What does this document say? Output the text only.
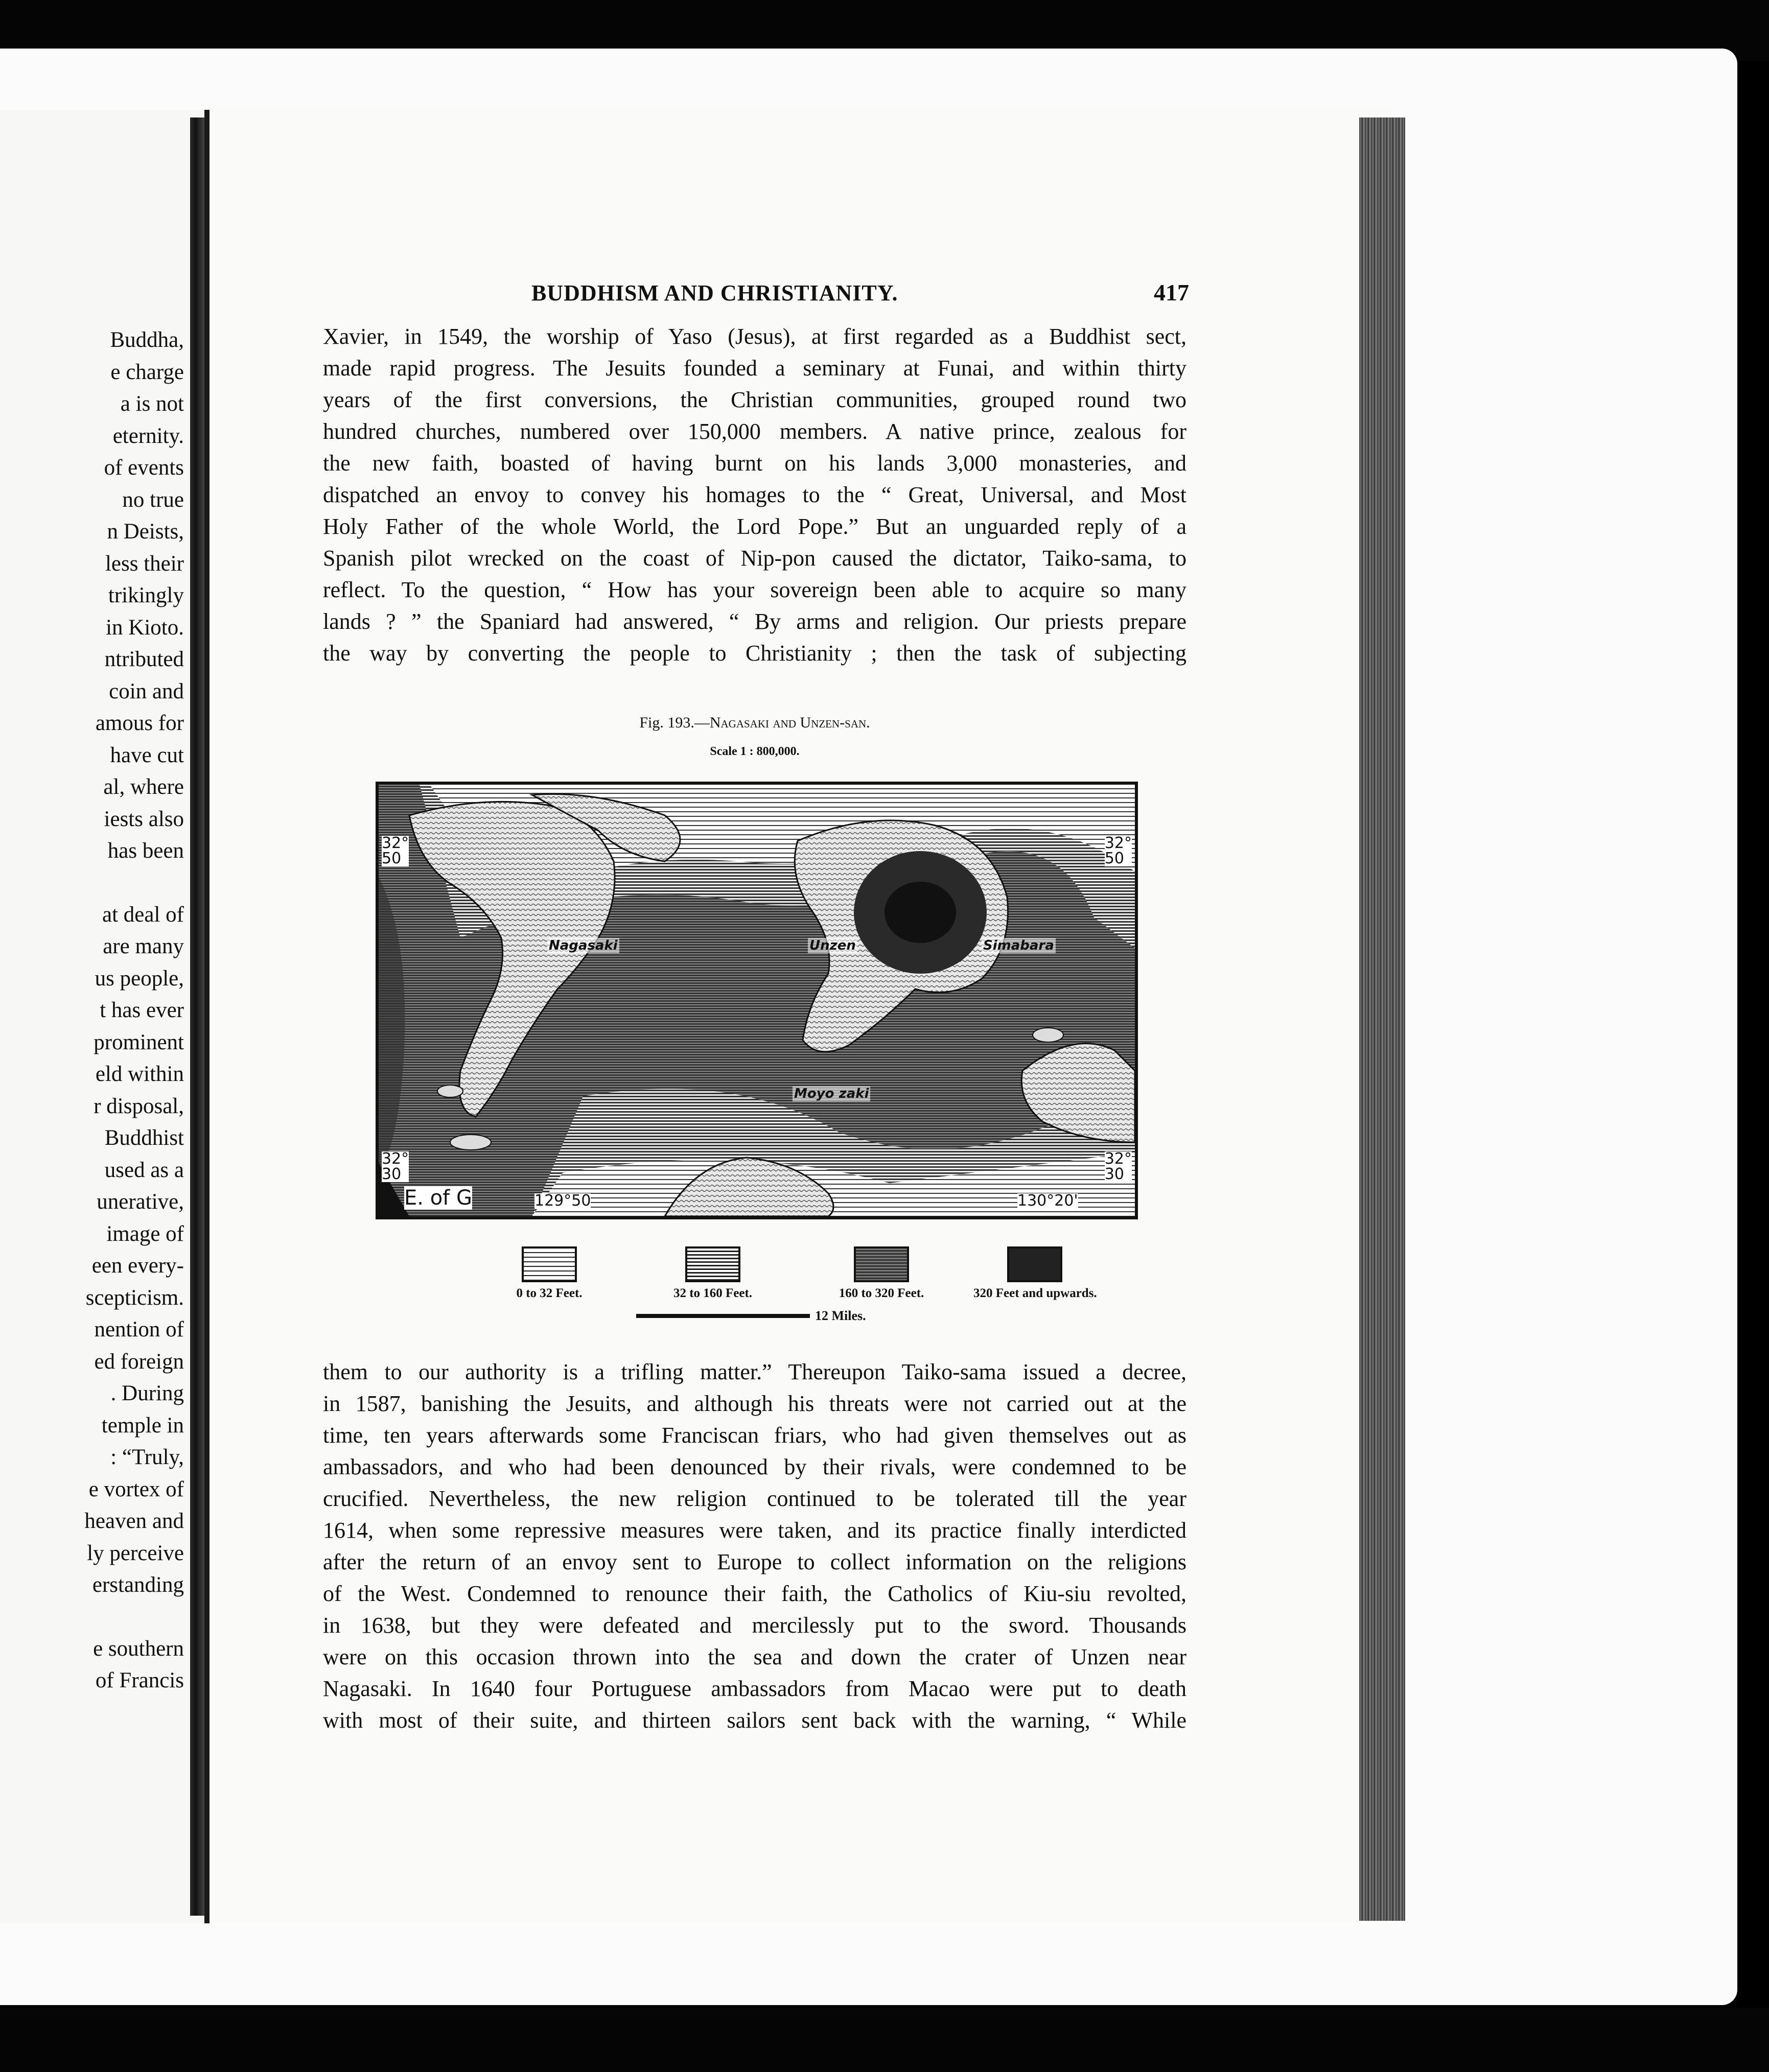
Buddha,
e charge
a is not
eternity.
of events
no true
n Deists,
less their
trikingly
in Kioto.
ntributed
coin and
amous for
have cut
al, where
iests also
has been
at deal of
are many
us people,
t has ever
prominent
eld within
r disposal,
Buddhist
used as a
unerative,
image of
een every-
scepticism.
nention of
ed foreign
. During
temple in
: “Truly,
e vortex of
heaven and
ly perceive
erstanding
e southern
of Francis
BUDDHISM AND CHRISTIANITY.	417
Xavier, in 1549, the worship of Yaso (Jesus), at first regarded as a Buddhist sect,
made rapid progress. The Jesuits founded a seminary at Funai, and within thirty
years of the first conversions, the Christian communities, grouped round two
hundred churches, numbered over 150,000 members. A native prince, zealous for
the new faith, boasted of having burnt on his lands 3,000 monasteries, and
dispatched an envoy to convey his homages to the “ Great, Universal, and Most
Holy Father of the whole World, the Lord Pope.” But an unguarded reply of a
Spanish pilot wrecked on the coast of Nip-pon caused the dictator, Taiko-sama, to
reflect. To the question, “ How has your sovereign been able to acquire so many
lands ? ” the Spaniard had answered, “ By arms and religion. Our priests prepare
the way by converting the people to Christianity ; then the task of subjecting
Fig. 193.—Nagasaki and Unzen-san.
Scale 1 : 800,000.
32°
50
32°
50
32°
30
32°
30
129°50	130°20'
E. of G
Nagasaki	Unzen	Simabara
Moyo zaki
0 to 32 Feet.	32 to 160 Feet.	160 to 320 Feet.	320 Feet and upwards.
12 Miles.
them to our authority is a trifling matter.” Thereupon Taiko-sama issued a decree,
in 1587, banishing the Jesuits, and although his threats were not carried out at the
time, ten years afterwards some Franciscan friars, who had given themselves out as
ambassadors, and who had been denounced by their rivals, were condemned to be
crucified. Nevertheless, the new religion continued to be tolerated till the year
1614, when some repressive measures were taken, and its practice finally interdicted
after the return of an envoy sent to Europe to collect information on the religions
of the West. Condemned to renounce their faith, the Catholics of Kiu-siu revolted,
in 1638, but they were defeated and mercilessly put to the sword. Thousands
were on this occasion thrown into the sea and down the crater of Unzen near
Nagasaki. In 1640 four Portuguese ambassadors from Macao were put to death
with most of their suite, and thirteen sailors sent back with the warning, “ While
